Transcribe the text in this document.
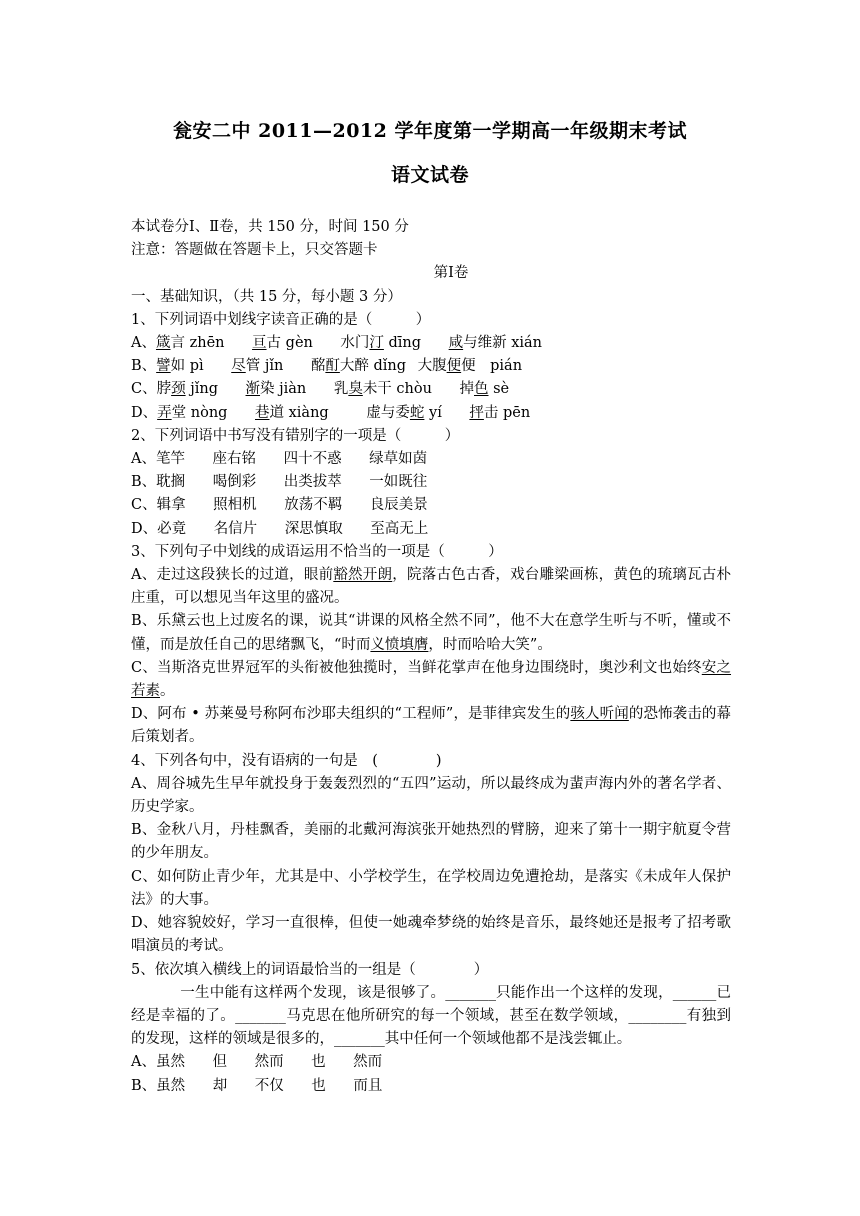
瓮安二中 2011—2012 学年度第一学期高一年级期末考试
语文试卷

本试卷分Ⅰ、Ⅱ卷，共 150 分，时间 150 分

注意：答题做在答题卡上，只交答题卡

第Ⅰ卷

一、基础知识，（共 15 分，每小题 3 分）

1、下列词语中划线字读音正确的是（　　　）

A、箴言 zhēn 亘古 gèn 水门汀 dīng 咸与维新 xián

B、譬如 pì 尽管 jǐn 酩酊大醉 dǐng 大腹便便　pián

C、脖颈 jǐng 渐染 jiàn 乳臭未干 chòu 掉色 sè

D、弄堂 nòng 巷道 xiàng	虚与委蛇 yí 抨击 pēn

2、下列词语中书写没有错别字的一项是（　　　）

A、笔竿 座右铭 四十不惑 绿草如茵

B、耽搁 喝倒彩 出类拔萃 一如既往

C、辑拿 照相机 放荡不羁 良辰美景

D、必竟 名信片 深思慎取 至高无上

3、下列句子中划线的成语运用不恰当的一项是（　　　）

A、走过这段狭长的过道，眼前豁然开朗，院落古色古香，戏台雕梁画栋，黄色的琉璃瓦古朴庄重，可以想见当年这里的盛况。

B、乐黛云也上过废名的课，说其“讲课的风格全然不同”，他不大在意学生听与不听，懂或不懂，而是放任自己的思绪飘飞，“时而义愤填膺，时而哈哈大笑”。

C、当斯洛克世界冠军的头衔被他独揽时，当鲜花掌声在他身边围绕时，奥沙利文也始终安之若素。

D、阿布 • 苏莱曼号称阿布沙耶夫组织的“工程师”，是菲律宾发生的骇人听闻的恐怖袭击的幕后策划者。

4、下列各句中，没有语病的一句是　(　　　　)

A、周谷城先生早年就投身于轰轰烈烈的“五四”运动，所以最终成为蜚声海内外的著名学者、历史学家。

B、金秋八月，丹桂飘香，美丽的北戴河海滨张开她热烈的臂膀，迎来了第十一期宇航夏令营的少年朋友。

C、如何防止青少年，尤其是中、小学校学生，在学校周边免遭抢劫，是落实《未成年人保护法》的大事。

D、她容貌姣好，学习一直很棒，但使一她魂牵梦绕的始终是音乐，最终她还是报考了招考歌唱演员的考试。

5、依次填入横线上的词语最恰当的一组是（　　　　）

一生中能有这样两个发现，该是很够了。_______只能作出一个这样的发现，______已经是幸福的了。_______马克思在他所研究的每一个领域，甚至在数学领域，________有独到的发现，这样的领域是很多的，_______其中任何一个领域他都不是浅尝辄止。

A、虽然 但 然而 也 然而

B、虽然 却 不仅 也 而且
